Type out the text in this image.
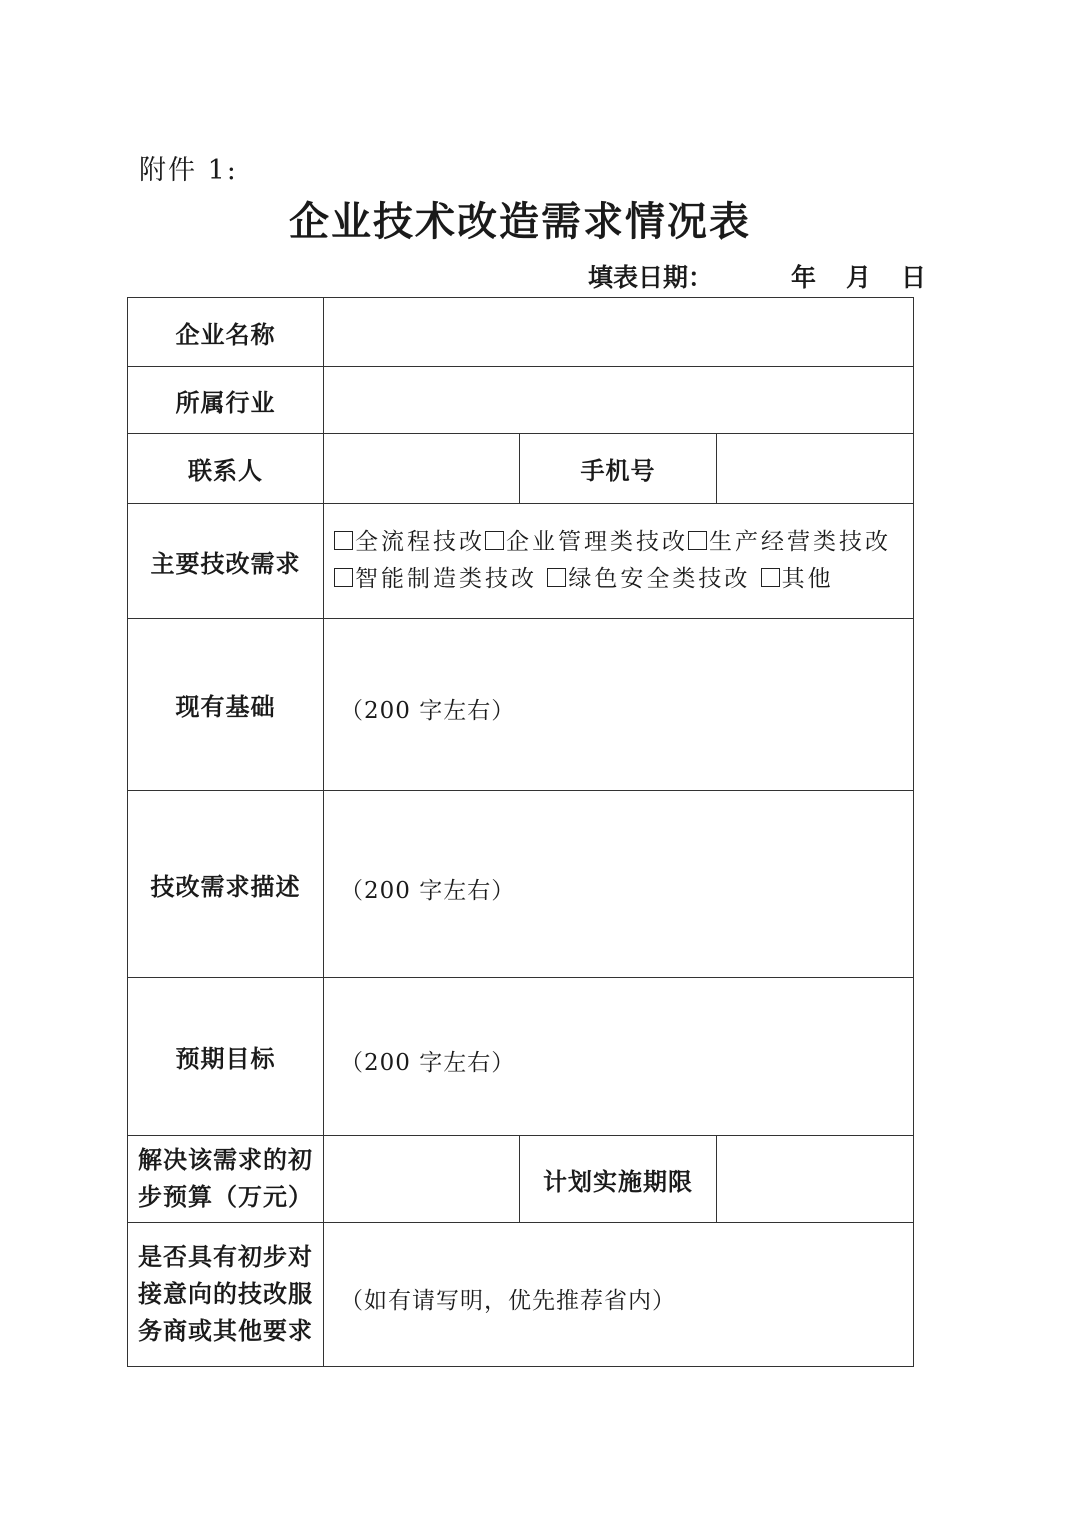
附件 1:
企业技术改造需求情况表
填表日期：	年 月 日
企业名称			
所属行业			
联系人		手机号	
主要技改需求	全流程技改 企业管理类技改 生产经营类技改
智能制造类技改 绿色安全类技改 其他		

现有基础	（200 字左右）		

技改需求描述	（200 字左右）		

预期目标	（200 字左右）		

解决该需求的初
步预算（万元）		计划实施期限	

是否具有初步对
接意向的技改服
务商或其他要求	（如有请写明，优先推荐省内）		
